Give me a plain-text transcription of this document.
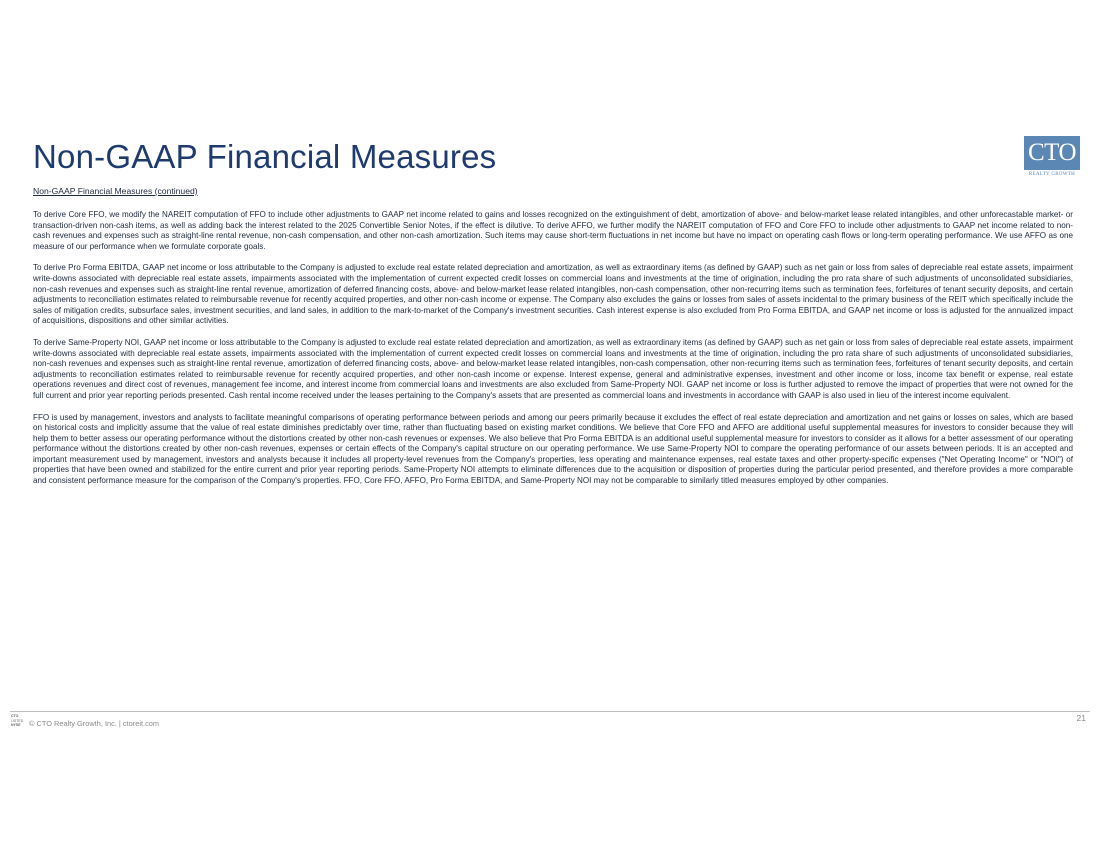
Non-GAAP Financial Measures	CTO
REALTY GROWTH

Non-GAAP Financial Measures (continued)

To derive Core FFO, we modify the NAREIT computation of FFO to include other adjustments to GAAP net income related to gains and losses recognized on the extinguishment of debt, amortization of above- and below-market lease related intangibles, and other unforecastable market- or transaction-driven non-cash items, as well as adding back the interest related to the 2025 Convertible Senior Notes, if the effect is dilutive. To derive AFFO, we further modify the NAREIT computation of FFO and Core FFO to include other adjustments to GAAP net income related to non-cash revenues and expenses such as straight-line rental revenue, non-cash compensation, and other non-cash amortization. Such items may cause short-term fluctuations in net income but have no impact on operating cash flows or long-term operating performance. We use AFFO as one measure of our performance when we formulate corporate goals.

To derive Pro Forma EBITDA, GAAP net income or loss attributable to the Company is adjusted to exclude real estate related depreciation and amortization, as well as extraordinary items (as defined by GAAP) such as net gain or loss from sales of depreciable real estate assets, impairment write-downs associated with depreciable real estate assets, impairments associated with the implementation of current expected credit losses on commercial loans and investments at the time of origination, including the pro rata share of such adjustments of unconsolidated subsidiaries, non-cash revenues and expenses such as straight-line rental revenue, amortization of deferred financing costs, above- and below-market lease related intangibles, non-cash compensation, other non-recurring items such as termination fees, forfeitures of tenant security deposits, and certain adjustments to reconciliation estimates related to reimbursable revenue for recently acquired properties, and other non-cash income or expense. The Company also excludes the gains or losses from sales of assets incidental to the primary business of the REIT which specifically include the sales of mitigation credits, subsurface sales, investment securities, and land sales, in addition to the mark-to-market of the Company's investment securities. Cash interest expense is also excluded from Pro Forma EBITDA, and GAAP net income or loss is adjusted for the annualized impact of acquisitions, dispositions and other similar activities.

To derive Same-Property NOI, GAAP net income or loss attributable to the Company is adjusted to exclude real estate related depreciation and amortization, as well as extraordinary items (as defined by GAAP) such as net gain or loss from sales of depreciable real estate assets, impairment write-downs associated with depreciable real estate assets, impairments associated with the implementation of current expected credit losses on commercial loans and investments at the time of origination, including the pro rata share of such adjustments of unconsolidated subsidiaries, non-cash revenues and expenses such as straight-line rental revenue, amortization of deferred financing costs, above- and below-market lease related intangibles, non-cash compensation, other non-recurring items such as termination fees, forfeitures of tenant security deposits, and certain adjustments to reconciliation estimates related to reimbursable revenue for recently acquired properties, and other non-cash income or expense. Interest expense, general and administrative expenses, investment and other income or loss, income tax benefit or expense, real estate operations revenues and direct cost of revenues, management fee income, and interest income from commercial loans and investments are also excluded from Same-Property NOI. GAAP net income or loss is further adjusted to remove the impact of properties that were not owned for the full current and prior year reporting periods presented. Cash rental income received under the leases pertaining to the Company's assets that are presented as commercial loans and investments in accordance with GAAP is also used in lieu of the interest income equivalent.

FFO is used by management, investors and analysts to facilitate meaningful comparisons of operating performance between periods and among our peers primarily because it excludes the effect of real estate depreciation and amortization and net gains or losses on sales, which are based on historical costs and implicitly assume that the value of real estate diminishes predictably over time, rather than fluctuating based on existing market conditions. We believe that Core FFO and AFFO are additional useful supplemental measures for investors to consider because they will help them to better assess our operating performance without the distortions created by other non-cash revenues or expenses. We also believe that Pro Forma EBITDA is an additional useful supplemental measure for investors to consider as it allows for a better assessment of our operating performance without the distortions created by other non-cash revenues, expenses or certain effects of the Company's capital structure on our operating performance. We use Same-Property NOI to compare the operating performance of our assets between periods. It is an accepted and important measurement used by management, investors and analysts because it includes all property-level revenues from the Company's properties, less operating and maintenance expenses, real estate taxes and other property-specific expenses ("Net Operating Income" or "NOI") of properties that have been owned and stabilized for the entire current and prior year reporting periods. Same-Property NOI attempts to eliminate differences due to the acquisition or disposition of properties during the particular period presented, and therefore provides a more comparable and consistent performance measure for the comparison of the Company's properties. FFO, Core FFO, AFFO, Pro Forma EBITDA, and Same-Property NOI may not be comparable to similarly titled measures employed by other companies.

CTO
LISTED
NYSE	© CTO Realty Growth, Inc. | ctoreit.com
21
